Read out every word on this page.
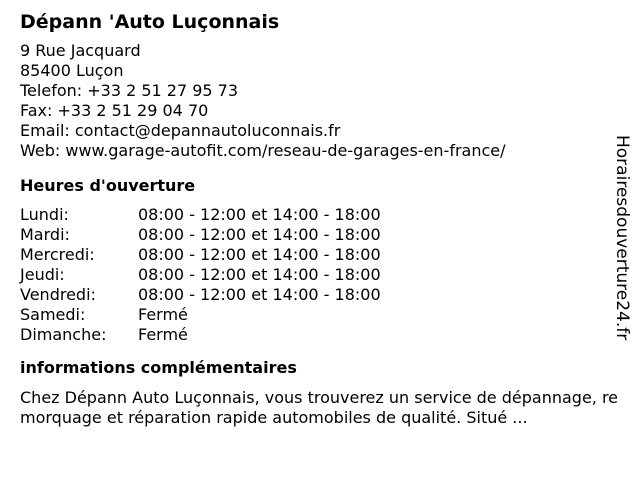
Dépann 'Auto Luçonnais
9 Rue Jacquard
85400 Luçon
Telefon: +33 2 51 27 95 73
Fax: +33 2 51 29 04 70
Email: contact@depannautoluconnais.fr
Web: www.garage-autofit.com/reseau-de-garages-en-france/
Heures d'ouverture
Lundi:	08:00 - 12:00 et 14:00 - 18:00
Mardi:	08:00 - 12:00 et 14:00 - 18:00
Mercredi:	08:00 - 12:00 et 14:00 - 18:00
Jeudi:	08:00 - 12:00 et 14:00 - 18:00
Vendredi:	08:00 - 12:00 et 14:00 - 18:00
Samedi:	Fermé
Dimanche:	Fermé
informations complémentaires
Chez Dépann Auto Luçonnais, vous trouverez un service de dépannage, remorquage et réparation rapide automobiles de qualité. Situé ...
Horairesdouverture24.fr
